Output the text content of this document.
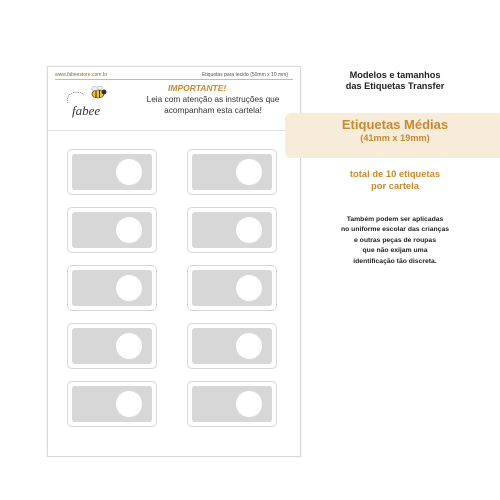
www.fabeestore.com.br	Etiquetas para tecido (50mm x 10 mm)
fabee
IMPORTANTE!
Leia com atenção as instruções que
acompanham esta cartela!
Modelos e tamanhos
das Etiquetas Transfer
Etiquetas Médias
(41mm x 19mm)
total de 10 etiquetas
por cartela
Também podem ser aplicadas
no uniforme escolar das crianças
e outras peças de roupas
que não exijam uma
identificação tão discreta.
